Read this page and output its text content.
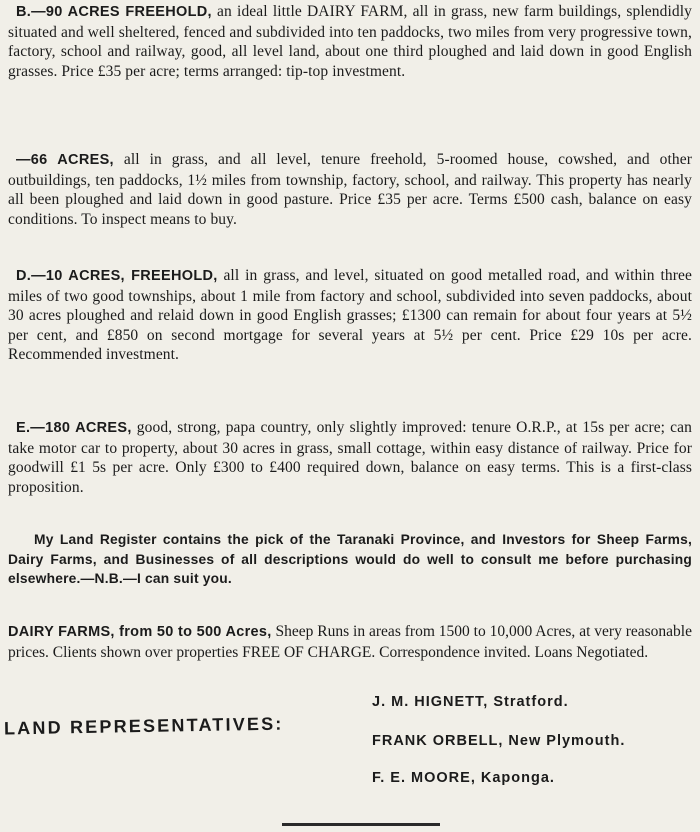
B.—90 ACRES FREEHOLD, an ideal little DAIRY FARM, all in grass, new farm buildings, splendidly situated and well sheltered, fenced and subdivided into ten paddocks, two miles from very progressive town, factory, school and railway, good, all level land, about one third ploughed and laid down in good English grasses. Price £35 per acre; terms arranged: tip-top investment.
—66 ACRES, all in grass, and all level, tenure freehold, 5-roomed house, cowshed, and other outbuildings, ten paddocks, 1½ miles from township, factory, school, and railway. This property has nearly all been ploughed and laid down in good pasture. Price £35 per acre. Terms £500 cash, balance on easy conditions. To inspect means to buy.
D.—10 ACRES, FREEHOLD, all in grass, and level, situated on good metalled road, and within three miles of two good townships, about 1 mile from factory and school, subdivided into seven paddocks, about 30 acres ploughed and relaid down in good English grasses; £1300 can remain for about four years at 5½ per cent, and £850 on second mortgage for several years at 5½ per cent. Price £29 10s per acre. Recommended investment.
E.—180 ACRES, good, strong, papa country, only slightly improved: tenure O.R.P., at 15s per acre; can take motor car to property, about 30 acres in grass, small cottage, within easy distance of railway. Price for goodwill £1 5s per acre. Only £300 to £400 required down, balance on easy terms. This is a first-class proposition.
My Land Register contains the pick of the Taranaki Province, and Investors for Sheep Farms, Dairy Farms, and Businesses of all descriptions would do well to consult me before purchasing elsewhere.—N.B.—I can suit you.
DAIRY FARMS, from 50 to 500 Acres, Sheep Runs in areas from 1500 to 10,000 Acres, at very reasonable prices. Clients shown over properties FREE OF CHARGE. Correspondence invited. Loans Negotiated.
LAND REPRESENTATIVES:
J. M. HIGNETT, Stratford.
FRANK ORBELL, New Plymouth.
F. E. MOORE, Kaponga.
